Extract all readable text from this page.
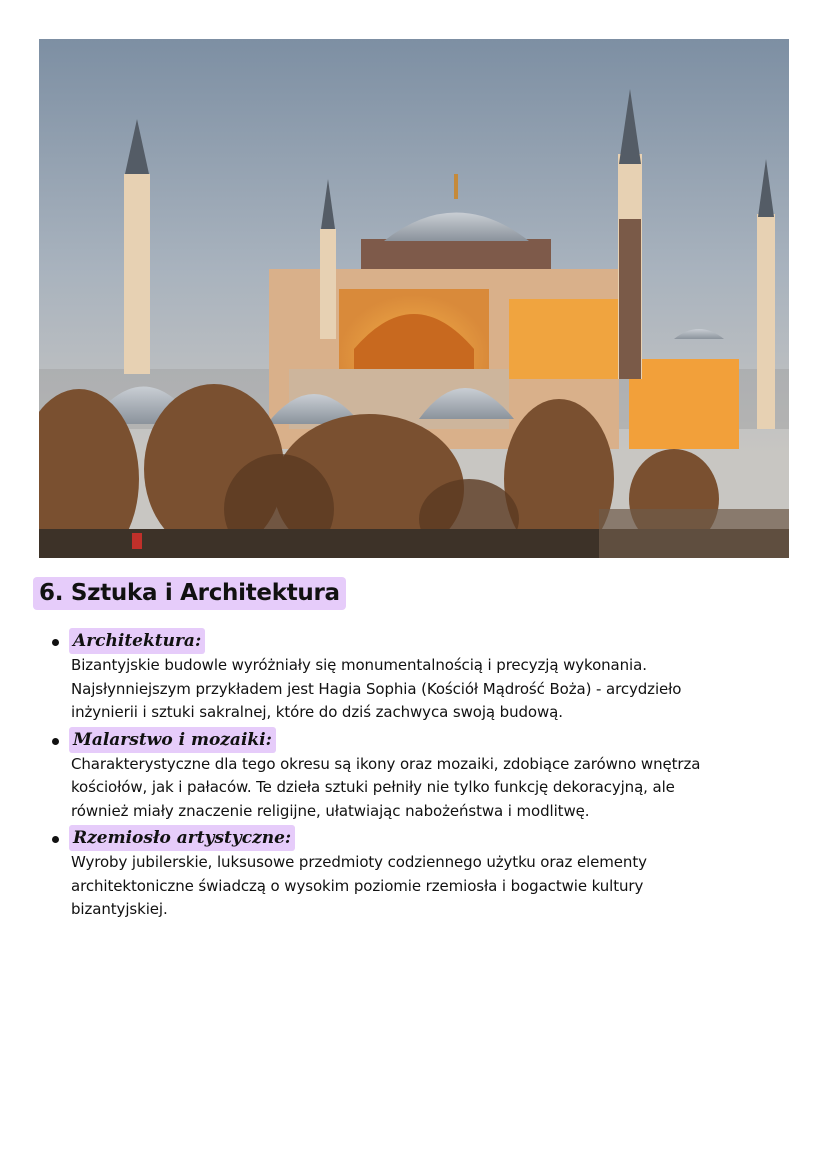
6. Sztuka i Architektura
Architektura:

Bizantyjskie budowle wyróżniały się monumentalnością i precyzją wykonania.
Najsłynniejszym przykładem jest Hagia Sophia (Kościół Mądrość Boża) - arcydzieło
inżynierii i sztuki sakralnej, które do dziś zachwyca swoją budową.

Malarstwo i mozaiki:

Charakterystyczne dla tego okresu są ikony oraz mozaiki, zdobiące zarówno wnętrza
kościołów, jak i pałaców. Te dzieła sztuki pełniły nie tylko funkcję dekoracyjną, ale
również miały znaczenie religijne, ułatwiając nabożeństwa i modlitwę.

Rzemiosło artystyczne:

Wyroby jubilerskie, luksusowe przedmioty codziennego użytku oraz elementy
architektoniczne świadczą o wysokim poziomie rzemiosła i bogactwie kultury
bizantyjskiej.
